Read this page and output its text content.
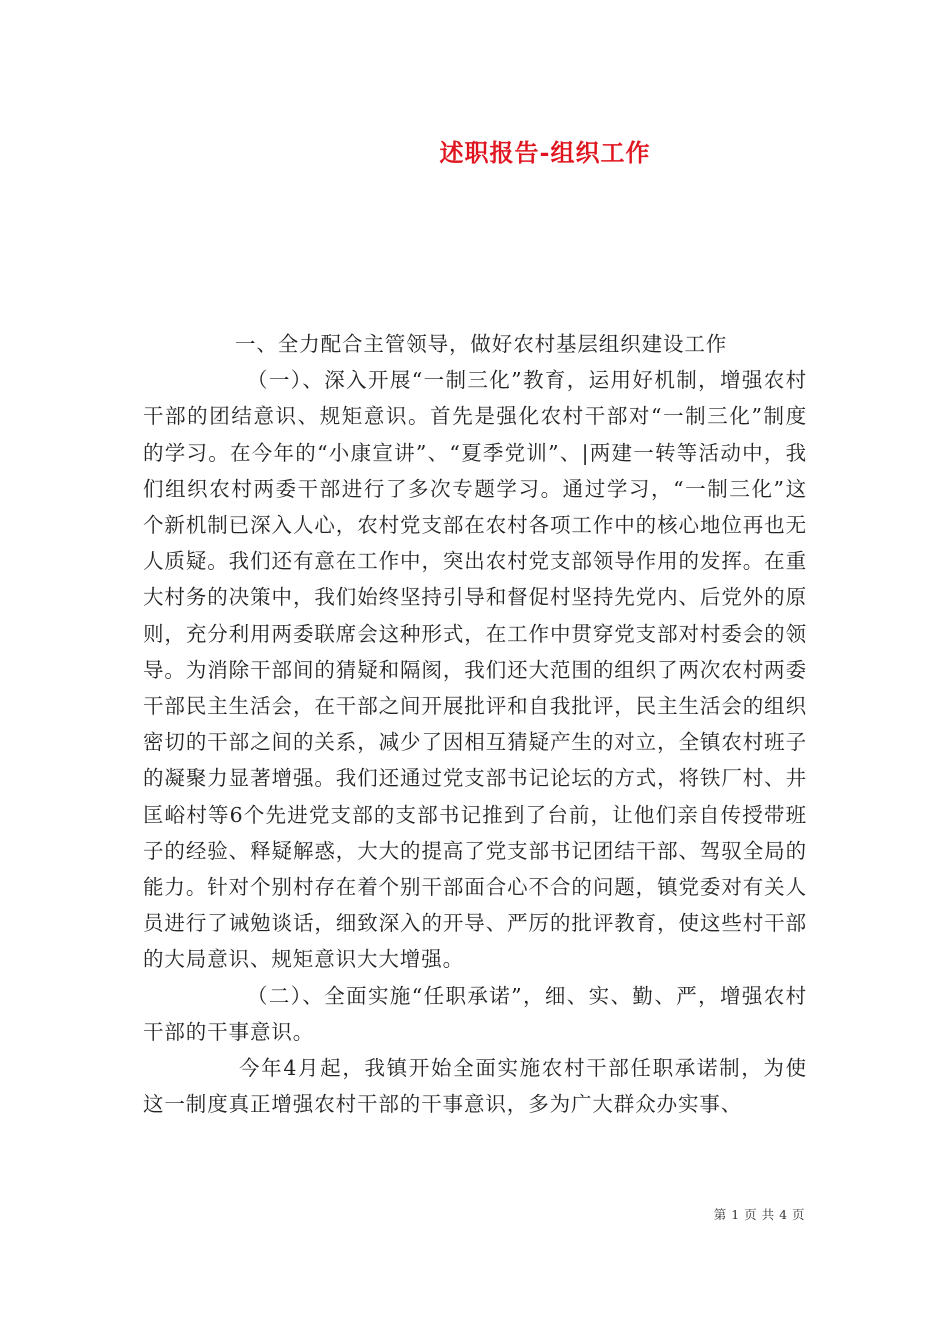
述职报告-组织工作

一、全力配合主管领导，做好农村基层组织建设工作

（一）、深入开展“一制三化”教育，运用好机制，增强农村干部的团结意识、规矩意识。首先是强化农村干部对“一制三化”制度的学习。在今年的“小康宣讲”、“夏季党训”、|两建一转等活动中，我们组织农村两委干部进行了多次专题学习。通过学习，“一制三化”这个新机制已深入人心，农村党支部在农村各项工作中的核心地位再也无人质疑。我们还有意在工作中，突出农村党支部领导作用的发挥。在重大村务的决策中，我们始终坚持引导和督促村坚持先党内、后党外的原则，充分利用两委联席会这种形式，在工作中贯穿党支部对村委会的领导。为消除干部间的猜疑和隔阂，我们还大范围的组织了两次农村两委干部民主生活会，在干部之间开展批评和自我批评，民主生活会的组织密切的干部之间的关系，减少了因相互猜疑产生的对立，全镇农村班子的凝聚力显著增强。我们还通过党支部书记论坛的方式，将铁厂村、井匡峪村等6个先进党支部的支部书记推到了台前，让他们亲自传授带班子的经验、释疑解惑，大大的提高了党支部书记团结干部、驾驭全局的能力。针对个别村存在着个别干部面合心不合的问题，镇党委对有关人员进行了诫勉谈话，细致深入的开导、严厉的批评教育，使这些村干部的大局意识、规矩意识大大增强。

（二）、全面实施“任职承诺”，细、实、勤、严，增强农村干部的干事意识。

今年4月起，我镇开始全面实施农村干部任职承诺制，为使这一制度真正增强农村干部的干事意识，多为广大群众办实事、

第 1 页 共 4 页
